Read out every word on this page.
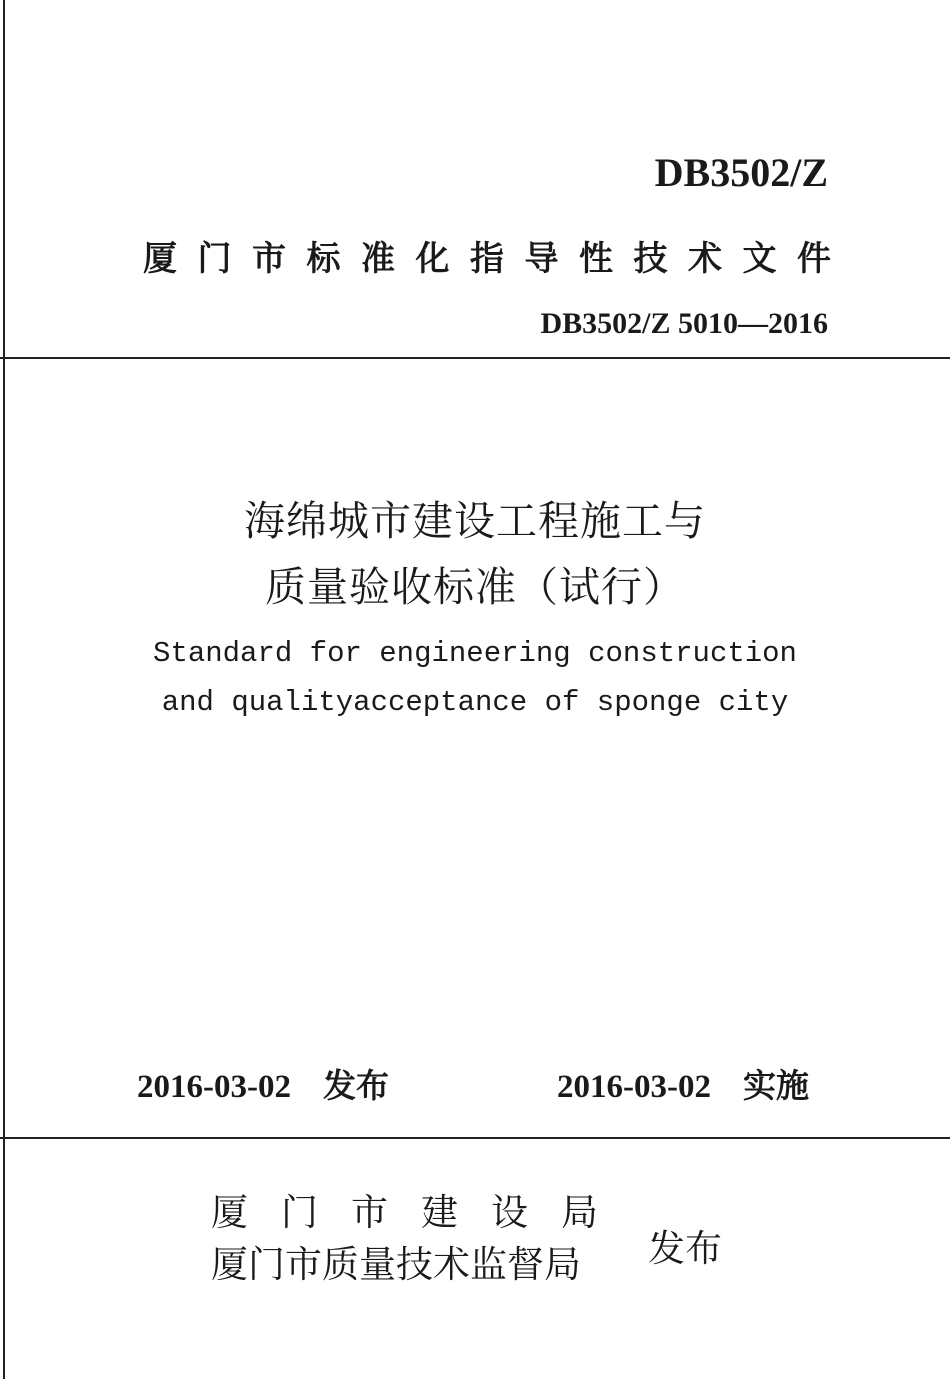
DB3502/Z
厦门市标准化指导性技术文件
DB3502/Z 5010—2016
海绵城市建设工程施工与
质量验收标准（试行）
Standard for engineering construction
and qualityacceptance of sponge city
2016-03-02 发布	2016-03-02 实施
厦门市建设局
厦门市质量技术监督局 发布
